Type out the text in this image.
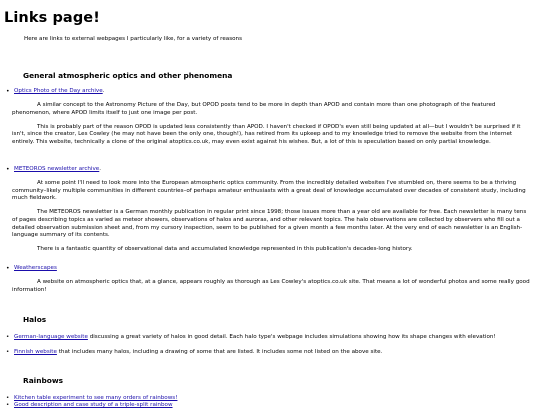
Links page!
Here are links to external webpages I particularly like, for a variety of reasons
General atmospheric optics and other phenomena
• Optics Photo of the Day archive.
A similar concept to the Astronomy Picture of the Day, but OPOD posts tend to be more in depth than APOD and contain more than one photograph of the featured phenomenon, where APOD limits itself to just one image per post.
This is probably part of the reason OPOD is updated less consistently than APOD. I haven't checked if OPOD's even still being updated at all—but I wouldn't be surprised if it isn't, since the creator, Les Cowley (he may not have been the only one, though!), has retired from its upkeep and to my knowledge tried to remove the website from the internet entirely. This website, technically a clone of the original atoptics.co.uk, may even exist against his wishes. But, a lot of this is speculation based on only partial knowledge.
• METEOROS newsletter archive.
At some point I'll need to look more into the European atmospheric optics community. From the incredibly detailed websites I've stumbled on, there seems to be a thriving community–likely multiple communities in different countries–of perhaps amateur enthusiasts with a great deal of knowledge accumulated over decades of consistent study, including much fieldwork.
The METEOROS newsletter is a German monthly publication in regular print since 1998; those issues more than a year old are available for free. Each newsletter is many tens of pages describing topics as varied as meteor showers, observations of halos and auroras, and other relevant topics. The halo observations are collected by observers who fill out a detailed observation submission sheet and, from my cursory inspection, seem to be published for a given month a few months later. At the very end of each newsletter is an English-language summary of its contents.
There is a fantastic quantity of observational data and accumulated knowledge represented in this publication's decades-long history.
• Weatherscapes
A website on atmospheric optics that, at a glance, appears roughly as thorough as Les Cowley's atoptics.co.uk site. That means a lot of wonderful photos and some really good information!
Halos
• German-language website discussing a great variety of halos in good detail. Each halo type's webpage includes simulations showing how its shape changes with elevation!
• Finnish website that includes many halos, including a drawing of some that are listed. It includes some not listed on the above site.
Rainbows
• Kitchen table experiment to see many orders of rainbows!
• Good description and case study of a triple-split rainbow
